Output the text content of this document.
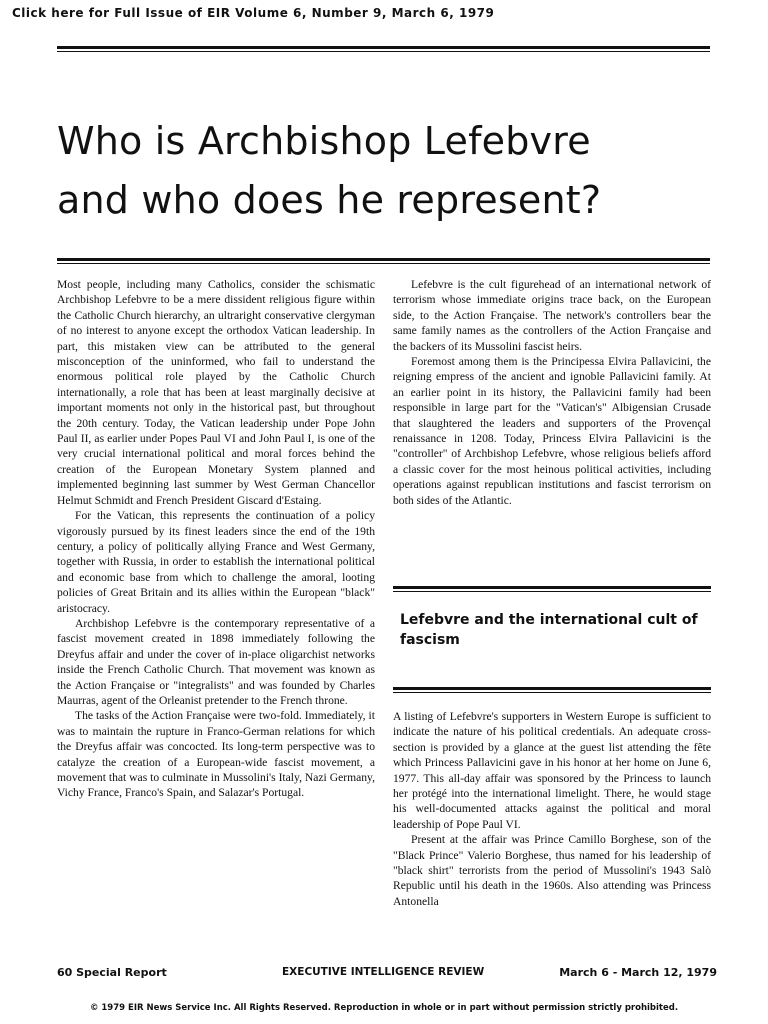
Click here for Full Issue of EIR Volume 6, Number 9, March 6, 1979
Who is Archbishop Lefebvre
and who does he represent?

Most people, including many Catholics, consider the schismatic Archbishop Lefebvre to be a mere dissident religious figure within the Catholic Church hierarchy, an ultraright conservative clergyman of no interest to anyone except the orthodox Vatican leadership. In part, this mistaken view can be attributed to the general misconception of the uninformed, who fail to understand the enormous political role played by the Catholic Church internationally, a role that has been at least marginally decisive at important moments not only in the historical past, but throughout the 20th century. Today, the Vatican leadership under Pope John Paul II, as earlier under Popes Paul VI and John Paul I, is one of the very crucial international political and moral forces behind the creation of the European Monetary System planned and implemented beginning last summer by West German Chancellor Helmut Schmidt and French President Giscard d'Estaing.

For the Vatican, this represents the continuation of a policy vigorously pursued by its finest leaders since the end of the 19th century, a policy of politically allying France and West Germany, together with Russia, in order to establish the international political and economic base from which to challenge the amoral, looting policies of Great Britain and its allies within the European "black" aristocracy.

Archbishop Lefebvre is the contemporary representative of a fascist movement created in 1898 immediately following the Dreyfus affair and under the cover of in-place oligarchist networks inside the French Catholic Church. That movement was known as the Action Française or "integralists" and was founded by Charles Maurras, agent of the Orleanist pretender to the French throne.

The tasks of the Action Française were two-fold. Immediately, it was to maintain the rupture in Franco-German relations for which the Dreyfus affair was concocted. Its long-term perspective was to catalyze the creation of a European-wide fascist movement, a movement that was to culminate in Mussolini's Italy, Nazi Germany, Vichy France, Franco's Spain, and Salazar's Portugal.

Lefebvre is the cult figurehead of an international network of terrorism whose immediate origins trace back, on the European side, to the Action Française. The network's controllers bear the same family names as the controllers of the Action Française and the backers of its Mussolini fascist heirs.

Foremost among them is the Principessa Elvira Pallavicini, the reigning empress of the ancient and ignoble Pallavicini family. At an earlier point in its history, the Pallavicini family had been responsible in large part for the "Vatican's" Albigensian Crusade that slaughtered the leaders and supporters of the Provençal renaissance in 1208. Today, Princess Elvira Pallavicini is the "controller" of Archbishop Lefebvre, whose religious beliefs afford a classic cover for the most heinous political activities, including operations against republican institutions and fascist terrorism on both sides of the Atlantic.

Lefebvre and the international cult of fascism

A listing of Lefebvre's supporters in Western Europe is sufficient to indicate the nature of his political credentials. An adequate cross-section is provided by a glance at the guest list attending the fête which Princess Pallavicini gave in his honor at her home on June 6, 1977. This all-day affair was sponsored by the Princess to launch her protégé into the international limelight. There, he would stage his well-documented attacks against the political and moral leadership of Pope Paul VI.

Present at the affair was Prince Camillo Borghese, son of the "Black Prince" Valerio Borghese, thus named for his leadership of "black shirt" terrorists from the period of Mussolini's 1943 Salò Republic until his death in the 1960s. Also attending was Princess Antonella

60 Special Report	EXECUTIVE INTELLIGENCE REVIEW	March 6 - March 12, 1979
© 1979 EIR News Service Inc. All Rights Reserved. Reproduction in whole or in part without permission strictly prohibited.
